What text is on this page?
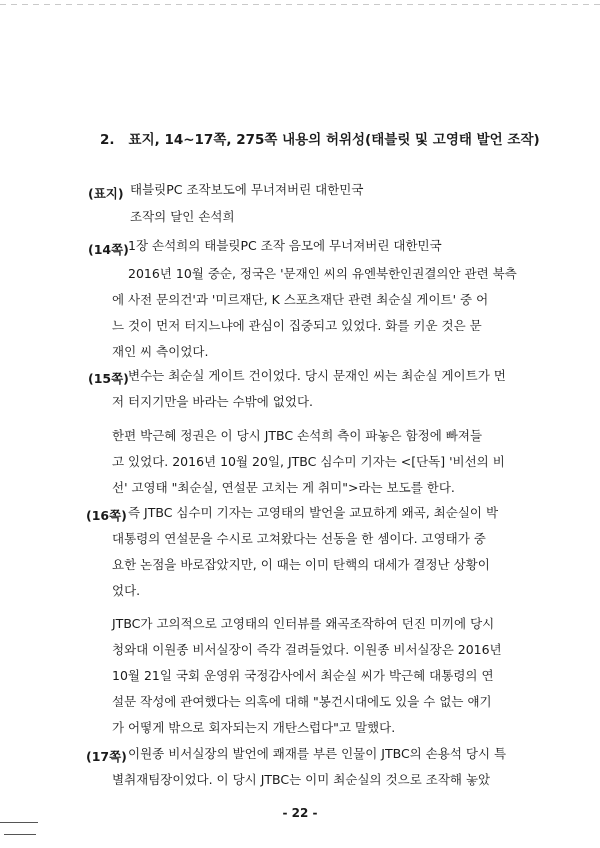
2. 표지, 14~17쪽, 275쪽 내용의 허위성(태블릿 및 고영태 발언 조작)
(표지) 태블릿PC 조작보도에 무너져버린 대한민국
조작의 달인 손석희
(14쪽) 1장 손석희의 태블릿PC 조작 음모에 무너져버린 대한민국
2016년 10월 중순, 정국은 '문재인 씨의 유엔북한인권결의안 관련 북측
에 사전 문의건'과 '미르재단, K 스포츠재단 관련 최순실 게이트' 중 어
느 것이 먼저 터지느냐에 관심이 집중되고 있었다. 화를 키운 것은 문
재인 씨 측이었다.
(15쪽) 변수는 최순실 게이트 건이었다. 당시 문재인 씨는 최순실 게이트가 먼
저 터지기만을 바라는 수밖에 없었다.
한편 박근혜 정권은 이 당시 JTBC 손석희 측이 파놓은 함정에 빠져들
고 있었다. 2016년 10월 20일, JTBC 심수미 기자는 <[단독] '비선의 비
선' 고영태 "최순실, 연설문 고치는 게 취미">라는 보도를 한다.
(16쪽) 즉 JTBC 심수미 기자는 고영태의 발언을 교묘하게 왜곡, 최순실이 박
대통령의 연설문을 수시로 고쳐왔다는 선동을 한 셈이다. 고영태가 중
요한 논점을 바로잡았지만, 이 때는 이미 탄핵의 대세가 결정난 상황이
었다.
JTBC가 고의적으로 고영태의 인터뷰를 왜곡조작하여 던진 미끼에 당시
청와대 이원종 비서실장이 즉각 걸려들었다. 이원종 비서실장은 2016년
10월 21일 국회 운영위 국정감사에서 최순실 씨가 박근혜 대통령의 연
설문 작성에 관여했다는 의혹에 대해 "봉건시대에도 있을 수 없는 얘기
가 어떻게 밖으로 회자되는지 개탄스럽다"고 말했다.
(17쪽) 이원종 비서실장의 발언에 쾌재를 부른 인물이 JTBC의 손용석 당시 특
별취재팀장이었다. 이 당시 JTBC는 이미 최순실의 것으로 조작해 놓았
- 22 -
